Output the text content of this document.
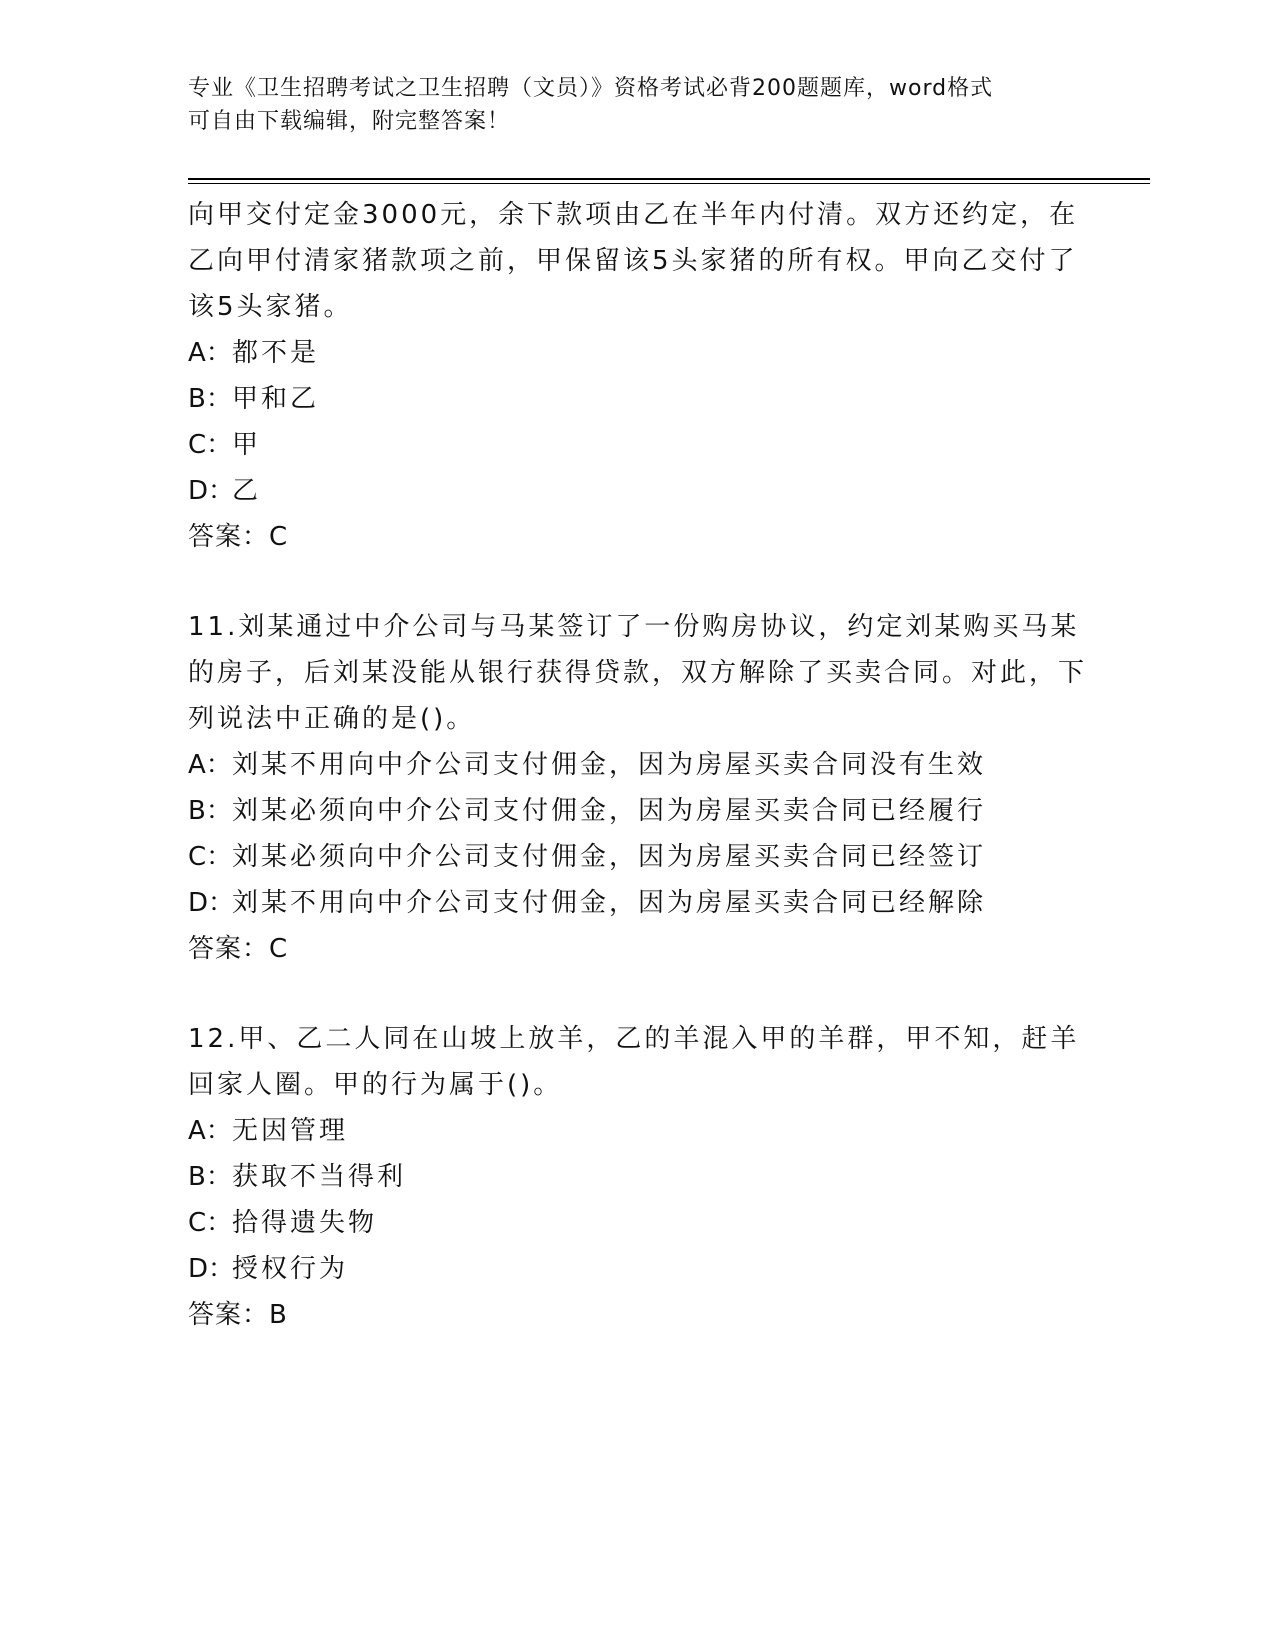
专业《卫生招聘考试之卫生招聘（文员）》资格考试必背200题题库，word格式
可自由下载编辑，附完整答案！

向甲交付定金3000元，余下款项由乙在半年内付清。双方还约定，在乙向甲付清家猪款项之前，甲保留该5头家猪的所有权。甲向乙交付了该5头家猪。

A：都不是

B：甲和乙

C：甲

D：乙

答案：C

11.刘某通过中介公司与马某签订了一份购房协议，约定刘某购买马某的房子，后刘某没能从银行获得贷款，双方解除了买卖合同。对此，下列说法中正确的是()。

A：刘某不用向中介公司支付佣金，因为房屋买卖合同没有生效

B：刘某必须向中介公司支付佣金，因为房屋买卖合同已经履行

C：刘某必须向中介公司支付佣金，因为房屋买卖合同已经签订

D：刘某不用向中介公司支付佣金，因为房屋买卖合同已经解除

答案：C

12.甲、乙二人同在山坡上放羊，乙的羊混入甲的羊群，甲不知，赶羊回家人圈。甲的行为属于()。

A：无因管理

B：获取不当得利

C：拾得遗失物

D：授权行为

答案：B
